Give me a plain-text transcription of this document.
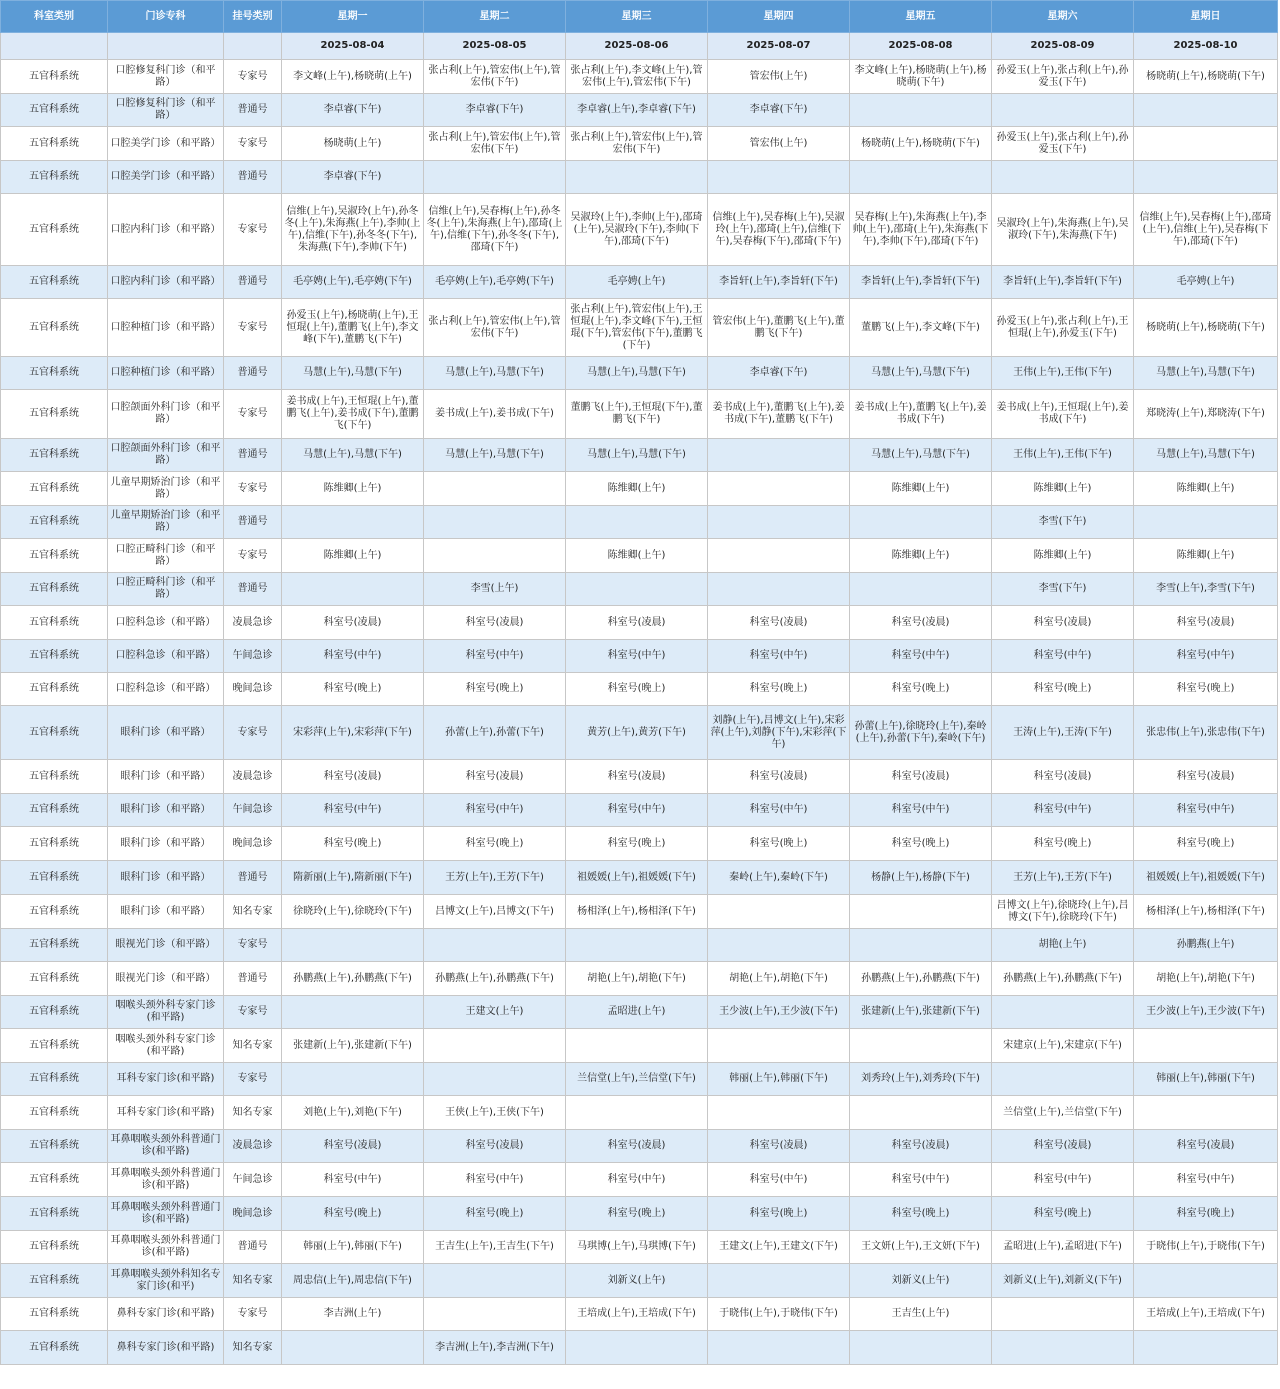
科室类别	门诊专科	挂号类别	星期一	星期二	星期三	星期四	星期五	星期六	星期日
			2025-08-04	2025-08-05	2025-08-06	2025-08-07	2025-08-08	2025-08-09	2025-08-10
五官科系统	口腔修复科门诊（和平路）	专家号	李文峰(上午),杨晓萌(上午)	张占利(上午),管宏伟(上午),管宏伟(下午)	张占利(上午),李文峰(上午),管宏伟(上午),管宏伟(下午)	管宏伟(上午)	李文峰(上午),杨晓萌(上午),杨晓萌(下午)	孙爱玉(上午),张占利(上午),孙爱玉(下午)	杨晓萌(上午),杨晓萌(下午)
五官科系统	口腔修复科门诊（和平路）	普通号	李卓睿(下午)	李卓睿(下午)	李卓睿(上午),李卓睿(下午)	李卓睿(下午)			
五官科系统	口腔美学门诊（和平路）	专家号	杨晓萌(上午)	张占利(上午),管宏伟(上午),管宏伟(下午)	张占利(上午),管宏伟(上午),管宏伟(下午)	管宏伟(上午)	杨晓萌(上午),杨晓萌(下午)	孙爱玉(上午),张占利(上午),孙爱玉(下午)	
五官科系统	口腔美学门诊（和平路）	普通号	李卓睿(下午)						
五官科系统	口腔内科门诊（和平路）	专家号	信维(上午),吴淑玲(上午),孙冬冬(上午),朱海燕(上午),李帅(上午),信维(下午),孙冬冬(下午),朱海燕(下午),李帅(下午)	信维(上午),吴春梅(上午),孙冬冬(上午),朱海燕(上午),邵琦(上午),信维(下午),孙冬冬(下午),邵琦(下午)	吴淑玲(上午),李帅(上午),邵琦(上午),吴淑玲(下午),李帅(下午),邵琦(下午)	信维(上午),吴春梅(上午),吴淑玲(上午),邵琦(上午),信维(下午),吴春梅(下午),邵琦(下午)	吴春梅(上午),朱海燕(上午),李帅(上午),邵琦(上午),朱海燕(下午),李帅(下午),邵琦(下午)	吴淑玲(上午),朱海燕(上午),吴淑玲(下午),朱海燕(下午)	信维(上午),吴春梅(上午),邵琦(上午),信维(上午),吴春梅(下午),邵琦(下午)
五官科系统	口腔内科门诊（和平路）	普通号	毛亭娉(上午),毛亭娉(下午)	毛亭娉(上午),毛亭娉(下午)	毛亭娉(上午)	李旨轩(上午),李旨轩(下午)	李旨轩(上午),李旨轩(下午)	李旨轩(上午),李旨轩(下午)	毛亭娉(上午)
五官科系统	口腔种植门诊（和平路）	专家号	孙爱玉(上午),杨晓萌(上午),王恒琨(上午),董鹏飞(上午),李文峰(下午),董鹏飞(下午)	张占利(上午),管宏伟(上午),管宏伟(下午)	张占利(上午),管宏伟(上午),王恒琨(上午),李文峰(下午),王恒琨(下午),管宏伟(下午),董鹏飞(下午)	管宏伟(上午),董鹏飞(上午),董鹏飞(下午)	董鹏飞(上午),李文峰(下午)	孙爱玉(上午),张占利(上午),王恒琨(上午),孙爱玉(下午)	杨晓萌(上午),杨晓萌(下午)
五官科系统	口腔种植门诊（和平路）	普通号	马慧(上午),马慧(下午)	马慧(上午),马慧(下午)	马慧(上午),马慧(下午)	李卓睿(下午)	马慧(上午),马慧(下午)	王伟(上午),王伟(下午)	马慧(上午),马慧(下午)
五官科系统	口腔颌面外科门诊（和平路）	专家号	姜书成(上午),王恒琨(上午),董鹏飞(上午),姜书成(下午),董鹏飞(下午)	姜书成(上午),姜书成(下午)	董鹏飞(上午),王恒琨(下午),董鹏飞(下午)	姜书成(上午),董鹏飞(上午),姜书成(下午),董鹏飞(下午)	姜书成(上午),董鹏飞(上午),姜书成(下午)	姜书成(上午),王恒琨(上午),姜书成(下午)	郑晓涛(上午),郑晓涛(下午)
五官科系统	口腔颌面外科门诊（和平路）	普通号	马慧(上午),马慧(下午)	马慧(上午),马慧(下午)	马慧(上午),马慧(下午)		马慧(上午),马慧(下午)	王伟(上午),王伟(下午)	马慧(上午),马慧(下午)
五官科系统	儿童早期矫治门诊（和平路）	专家号	陈维卿(上午)		陈维卿(上午)		陈维卿(上午)	陈维卿(上午)	陈维卿(上午)
五官科系统	儿童早期矫治门诊（和平路）	普通号						李雪(下午)	
五官科系统	口腔正畸科门诊（和平路）	专家号	陈维卿(上午)		陈维卿(上午)		陈维卿(上午)	陈维卿(上午)	陈维卿(上午)
五官科系统	口腔正畸科门诊（和平路）	普通号		李雪(上午)				李雪(下午)	李雪(上午),李雪(下午)
五官科系统	口腔科急诊（和平路）	凌晨急诊	科室号(凌晨)	科室号(凌晨)	科室号(凌晨)	科室号(凌晨)	科室号(凌晨)	科室号(凌晨)	科室号(凌晨)
五官科系统	口腔科急诊（和平路）	午间急诊	科室号(中午)	科室号(中午)	科室号(中午)	科室号(中午)	科室号(中午)	科室号(中午)	科室号(中午)
五官科系统	口腔科急诊（和平路）	晚间急诊	科室号(晚上)	科室号(晚上)	科室号(晚上)	科室号(晚上)	科室号(晚上)	科室号(晚上)	科室号(晚上)
五官科系统	眼科门诊（和平路）	专家号	宋彩萍(上午),宋彩萍(下午)	孙蕾(上午),孙蕾(下午)	黄芳(上午),黄芳(下午)	刘静(上午),吕博文(上午),宋彩萍(上午),刘静(下午),宋彩萍(下午)	孙蕾(上午),徐晓玲(上午),秦岭(上午),孙蕾(下午),秦岭(下午)	王涛(上午),王涛(下午)	张忠伟(上午),张忠伟(下午)
五官科系统	眼科门诊（和平路）	凌晨急诊	科室号(凌晨)	科室号(凌晨)	科室号(凌晨)	科室号(凌晨)	科室号(凌晨)	科室号(凌晨)	科室号(凌晨)
五官科系统	眼科门诊（和平路）	午间急诊	科室号(中午)	科室号(中午)	科室号(中午)	科室号(中午)	科室号(中午)	科室号(中午)	科室号(中午)
五官科系统	眼科门诊（和平路）	晚间急诊	科室号(晚上)	科室号(晚上)	科室号(晚上)	科室号(晚上)	科室号(晚上)	科室号(晚上)	科室号(晚上)
五官科系统	眼科门诊（和平路）	普通号	隋新丽(上午),隋新丽(下午)	王芳(上午),王芳(下午)	祖媛媛(上午),祖媛媛(下午)	秦岭(上午),秦岭(下午)	杨静(上午),杨静(下午)	王芳(上午),王芳(下午)	祖媛媛(上午),祖媛媛(下午)
五官科系统	眼科门诊（和平路）	知名专家	徐晓玲(上午),徐晓玲(下午)	吕博文(上午),吕博文(下午)	杨相泽(上午),杨相泽(下午)			吕博文(上午),徐晓玲(上午),吕博文(下午),徐晓玲(下午)	杨相泽(上午),杨相泽(下午)
五官科系统	眼视光门诊（和平路）	专家号						胡艳(上午)	孙鹏燕(上午)
五官科系统	眼视光门诊（和平路）	普通号	孙鹏燕(上午),孙鹏燕(下午)	孙鹏燕(上午),孙鹏燕(下午)	胡艳(上午),胡艳(下午)	胡艳(上午),胡艳(下午)	孙鹏燕(上午),孙鹏燕(下午)	孙鹏燕(上午),孙鹏燕(下午)	胡艳(上午),胡艳(下午)
五官科系统	咽喉头颈外科专家门诊(和平路)	专家号		王建文(上午)	孟昭进(上午)	王少波(上午),王少波(下午)	张建新(上午),张建新(下午)		王少波(上午),王少波(下午)
五官科系统	咽喉头颈外科专家门诊(和平路)	知名专家	张建新(上午),张建新(下午)					宋建京(上午),宋建京(下午)	
五官科系统	耳科专家门诊(和平路)	专家号			兰信堂(上午),兰信堂(下午)	韩丽(上午),韩丽(下午)	刘秀玲(上午),刘秀玲(下午)		韩丽(上午),韩丽(下午)
五官科系统	耳科专家门诊(和平路)	知名专家	刘艳(上午),刘艳(下午)	王侠(上午),王侠(下午)				兰信堂(上午),兰信堂(下午)	
五官科系统	耳鼻咽喉头颈外科普通门诊(和平路)	凌晨急诊	科室号(凌晨)	科室号(凌晨)	科室号(凌晨)	科室号(凌晨)	科室号(凌晨)	科室号(凌晨)	科室号(凌晨)
五官科系统	耳鼻咽喉头颈外科普通门诊(和平路)	午间急诊	科室号(中午)	科室号(中午)	科室号(中午)	科室号(中午)	科室号(中午)	科室号(中午)	科室号(中午)
五官科系统	耳鼻咽喉头颈外科普通门诊(和平路)	晚间急诊	科室号(晚上)	科室号(晚上)	科室号(晚上)	科室号(晚上)	科室号(晚上)	科室号(晚上)	科室号(晚上)
五官科系统	耳鼻咽喉头颈外科普通门诊(和平路)	普通号	韩丽(上午),韩丽(下午)	王吉生(上午),王吉生(下午)	马琪博(上午),马琪博(下午)	王建文(上午),王建文(下午)	王文妍(上午),王文妍(下午)	孟昭进(上午),孟昭进(下午)	于晓伟(上午),于晓伟(下午)
五官科系统	耳鼻咽喉头颈外科知名专家门诊(和平)	知名专家	周忠信(上午),周忠信(下午)		刘新义(上午)		刘新义(上午)	刘新义(上午),刘新义(下午)	
五官科系统	鼻科专家门诊(和平路)	专家号	李吉洲(上午)		王培成(上午),王培成(下午)	于晓伟(上午),于晓伟(下午)	王吉生(上午)		王培成(上午),王培成(下午)
五官科系统	鼻科专家门诊(和平路)	知名专家		李吉洲(上午),李吉洲(下午)					
